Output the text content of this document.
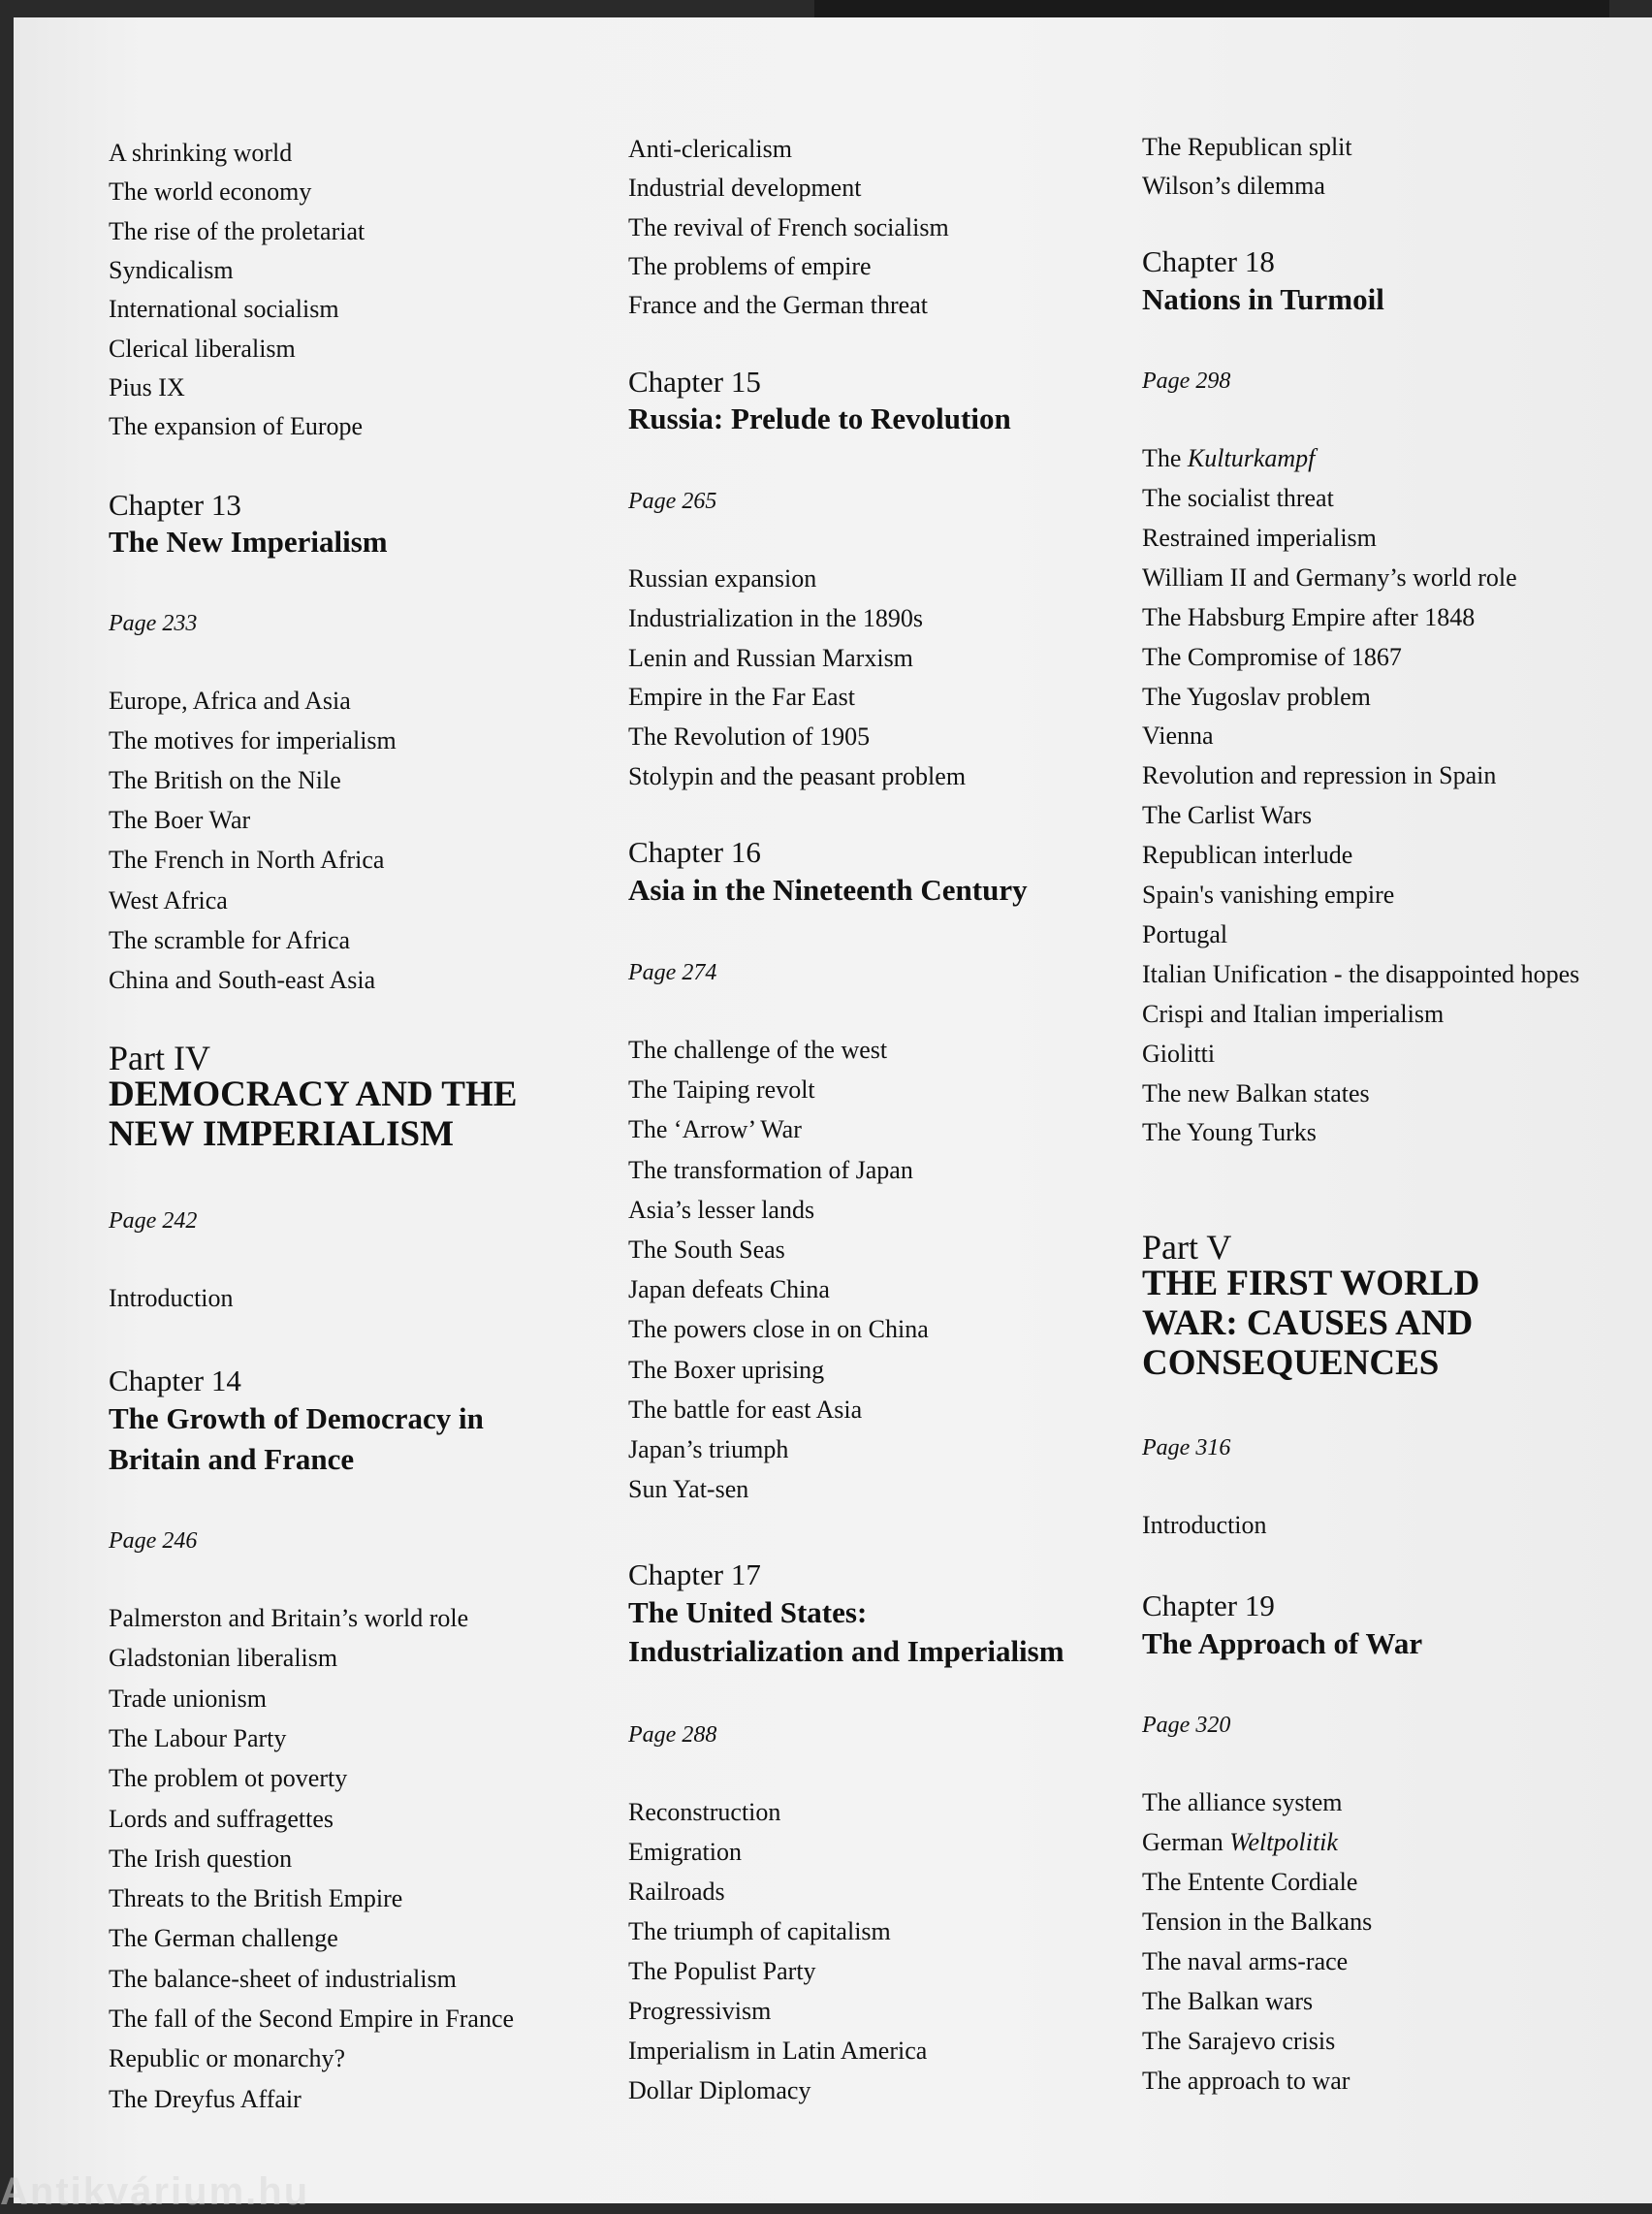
A shrinking world
The world economy
The rise of the proletariat
Syndicalism
International socialism
Clerical liberalism
Pius IX
The expansion of Europe
Chapter 13
The New Imperialism
Page 233
Europe, Africa and Asia
The motives for imperialism
The British on the Nile
The Boer War
The French in North Africa
West Africa
The scramble for Africa
China and South-east Asia
Part IV
DEMOCRACY AND THE
NEW IMPERIALISM
Page 242
Introduction
Chapter 14
The Growth of Democracy in
Britain and France
Page 246
Palmerston and Britain’s world role
Gladstonian liberalism
Trade unionism
The Labour Party
The problem ot poverty
Lords and suffragettes
The Irish question
Threats to the British Empire
The German challenge
The balance-sheet of industrialism
The fall of the Second Empire in France
Republic or monarchy?
The Dreyfus Affair
Anti-clericalism
Industrial development
The revival of French socialism
The problems of empire
France and the German threat
Chapter 15
Russia: Prelude to Revolution
Page 265
Russian expansion
Industrialization in the 1890s
Lenin and Russian Marxism
Empire in the Far East
The Revolution of 1905
Stolypin and the peasant problem
Chapter 16
Asia in the Nineteenth Century
Page 274
The challenge of the west
The Taiping revolt
The ‘Arrow’ War
The transformation of Japan
Asia’s lesser lands
The South Seas
Japan defeats China
The powers close in on China
The Boxer uprising
The battle for east Asia
Japan’s triumph
Sun Yat-sen
Chapter 17
The United States:
Industrialization and Imperialism
Page 288
Reconstruction
Emigration
Railroads
The triumph of capitalism
The Populist Party
Progressivism
Imperialism in Latin America
Dollar Diplomacy
The Republican split
Wilson’s dilemma
Chapter 18
Nations in Turmoil
Page 298
The Kulturkampf
The socialist threat
Restrained imperialism
William II and Germany’s world role
The Habsburg Empire after 1848
The Compromise of 1867
The Yugoslav problem
Vienna
Revolution and repression in Spain
The Carlist Wars
Republican interlude
Spain's vanishing empire
Portugal
Italian Unification - the disappointed hopes
Crispi and Italian imperialism
Giolitti
The new Balkan states
The Young Turks
Part V
THE FIRST WORLD
WAR: CAUSES AND
CONSEQUENCES
Page 316
Introduction
Chapter 19
The Approach of War
Page 320
The alliance system
German Weltpolitik
The Entente Cordiale
Tension in the Balkans
The naval arms-race
The Balkan wars
The Sarajevo crisis
The approach to war
Antikvárium.hu
